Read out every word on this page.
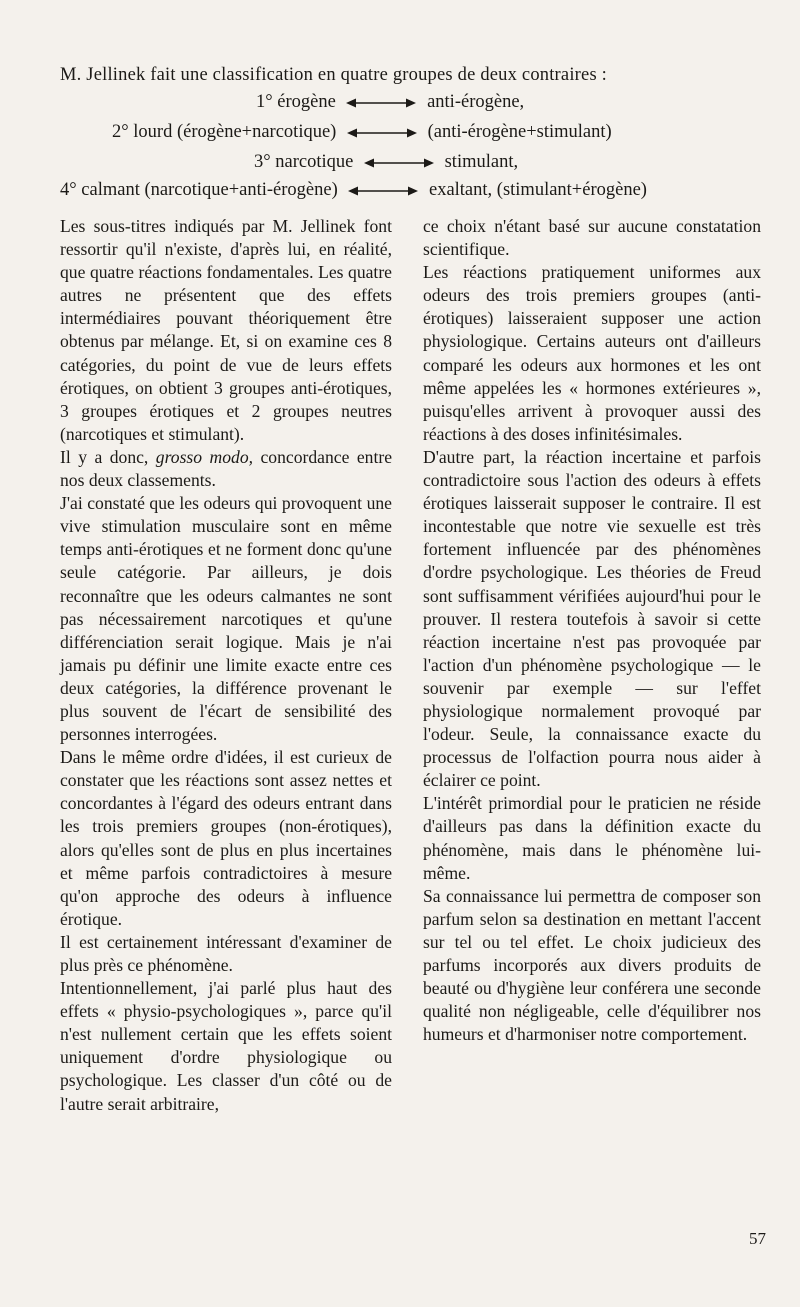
M. Jellinek fait une classification en quatre groupes de deux contraires :
1° érogène	anti-érogène,
2° lourd (érogène+narcotique)	(anti-érogène+stimulant)
3° narcotique	stimulant,
4° calmant (narcotique+anti-érogène)	exaltant, (stimulant+érogène)

Les sous-titres indiqués par M. Jellinek font ressortir qu'il n'existe, d'après lui, en réalité, que quatre réactions fondamentales. Les quatre autres ne présentent que des effets intermédiaires pouvant théoriquement être obtenus par mélange. Et, si on examine ces 8 catégories, du point de vue de leurs effets érotiques, on obtient 3 groupes anti-érotiques, 3 groupes érotiques et 2 groupes neutres (narcotiques et stimulant).

Il y a donc, grosso modo, concordance entre nos deux classements.

J'ai constaté que les odeurs qui provoquent une vive stimulation musculaire sont en même temps anti-érotiques et ne forment donc qu'une seule catégorie. Par ailleurs, je dois reconnaître que les odeurs calmantes ne sont pas nécessairement narcotiques et qu'une différenciation serait logique. Mais je n'ai jamais pu définir une limite exacte entre ces deux catégories, la différence provenant le plus souvent de l'écart de sensibilité des personnes interrogées.

Dans le même ordre d'idées, il est curieux de constater que les réactions sont assez nettes et concordantes à l'égard des odeurs entrant dans les trois premiers groupes (non-érotiques), alors qu'elles sont de plus en plus incertaines et même parfois contradictoires à mesure qu'on approche des odeurs à influence érotique.

Il est certainement intéressant d'examiner de plus près ce phénomène.

Intentionnellement, j'ai parlé plus haut des effets « physio-psychologiques », parce qu'il n'est nullement certain que les effets soient uniquement d'ordre physiologique ou psychologique. Les classer d'un côté ou de l'autre serait arbitraire,

ce choix n'étant basé sur aucune constatation scientifique.

Les réactions pratiquement uniformes aux odeurs des trois premiers groupes (anti-érotiques) laisseraient supposer une action physiologique. Certains auteurs ont d'ailleurs comparé les odeurs aux hormones et les ont même appelées les « hormones extérieures », puisqu'elles arrivent à provoquer aussi des réactions à des doses infinitésimales.

D'autre part, la réaction incertaine et parfois contradictoire sous l'action des odeurs à effets érotiques laisserait supposer le contraire. Il est incontestable que notre vie sexuelle est très fortement influencée par des phénomènes d'ordre psychologique. Les théories de Freud sont suffisamment vérifiées aujourd'hui pour le prouver. Il restera toutefois à savoir si cette réaction incertaine n'est pas provoquée par l'action d'un phénomène psychologique — le souvenir par exemple — sur l'effet physiologique normalement provoqué par l'odeur. Seule, la connaissance exacte du processus de l'olfaction pourra nous aider à éclairer ce point.

L'intérêt primordial pour le praticien ne réside d'ailleurs pas dans la définition exacte du phénomène, mais dans le phénomène lui-même.

Sa connaissance lui permettra de composer son parfum selon sa destination en mettant l'accent sur tel ou tel effet. Le choix judicieux des parfums incorporés aux divers produits de beauté ou d'hygiène leur conférera une seconde qualité non négligeable, celle d'équilibrer nos humeurs et d'harmoniser notre comportement.

57
